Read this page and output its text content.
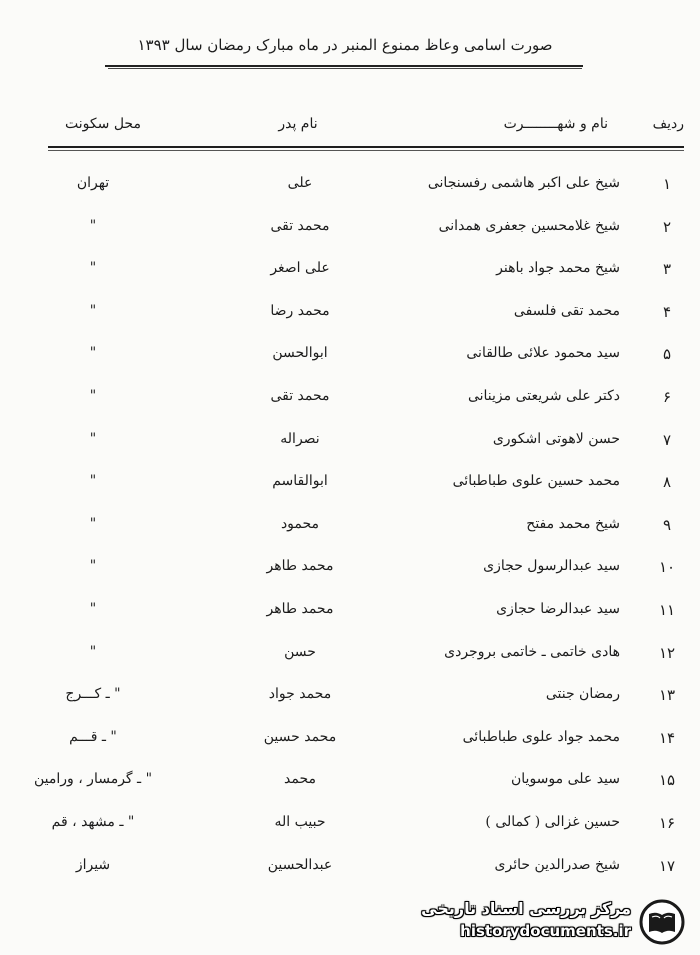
صورت اسامی وعاظ ممنوع المنبر در ماه مبارک رمضان سال ۱۳۹۳
ردیف
نام و شهــــــــرت
نام پدر
محل سکونت
۱
شیخ علی اکبر هاشمی رفسنجانی
علی
تهران
۲
شیخ غلامحسین جعفری همدانی
محمد تقی
"
۳
شیخ محمد جواد باهنر
علی اصغر
"
۴
محمد تقی فلسفی
محمد رضا
"
۵
سید محمود علائی طالقانی
ابوالحسن
"
۶
دکتر علی شریعتی مزینانی
محمد تقی
"
۷
حسن لاهوتی اشکوری
نصراله
"
۸
محمد حسین علوی طباطبائی
ابوالقاسم
"
۹
شیخ محمد مفتح
محمود
"
۱۰
سید عبدالرسول حجازی
محمد طاهر
"
۱۱
سید عبدالرضا حجازی
محمد طاهر
"
۱۲
هادی خاتمی ـ خاتمی بروجردی
حسن
"
۱۳
رمضان جنتی
محمد جواد
" ـ کـــرج
۱۴
محمد جواد علوی طباطبائی
محمد حسین
" ـ قـــم
۱۵
سید علی موسویان
محمد
" ـ گرمسار ، ورامین
۱۶
حسین غزالی ( کمالی )
حبیب اله
" ـ مشهد ، قم
۱۷
شیخ صدرالدین حائری
عبدالحسین
شیراز
مرکز بررسی اسناد تاریخی
historydocuments.ir
